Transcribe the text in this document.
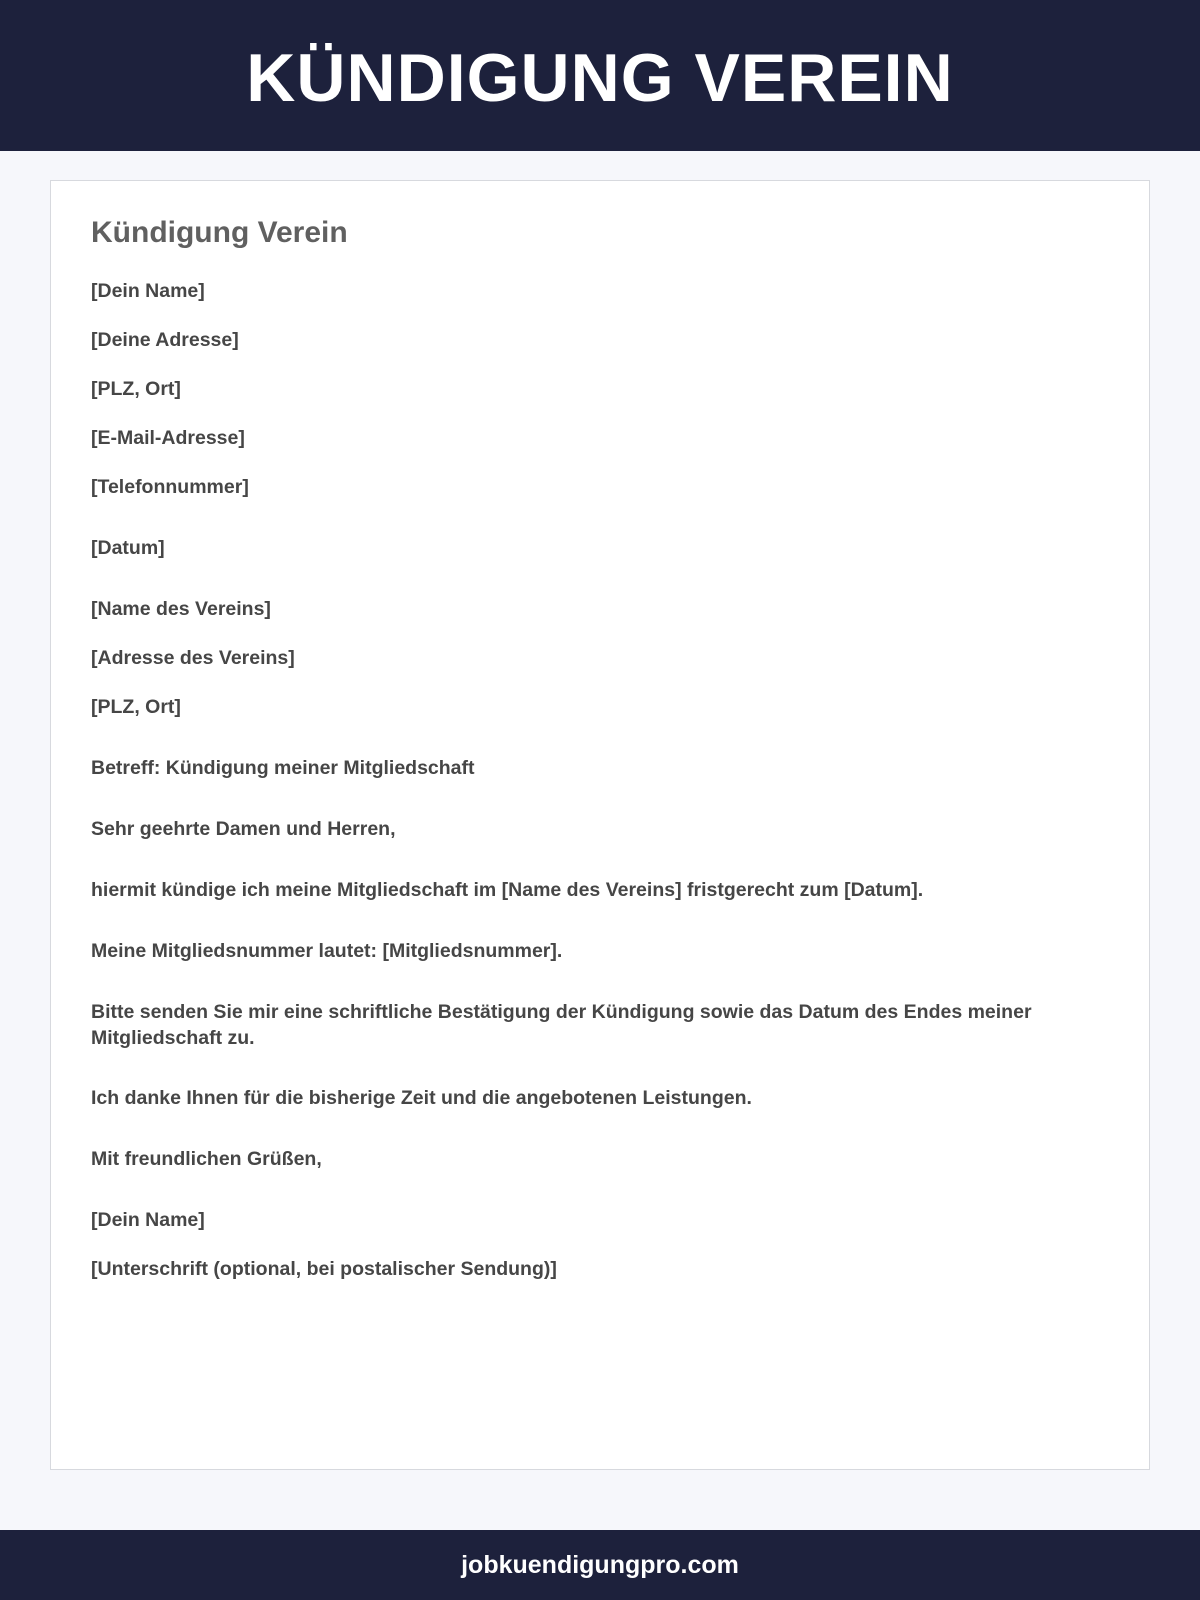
KÜNDIGUNG VEREIN
Kündigung Verein

[Dein Name]

[Deine Adresse]

[PLZ, Ort]

[E-Mail-Adresse]

[Telefonnummer]

[Datum]

[Name des Vereins]

[Adresse des Vereins]

[PLZ, Ort]

Betreff: Kündigung meiner Mitgliedschaft

Sehr geehrte Damen und Herren,

hiermit kündige ich meine Mitgliedschaft im [Name des Vereins] fristgerecht zum [Datum].

Meine Mitgliedsnummer lautet: [Mitgliedsnummer].

Bitte senden Sie mir eine schriftliche Bestätigung der Kündigung sowie das Datum des Endes meiner Mitgliedschaft zu.

Ich danke Ihnen für die bisherige Zeit und die angebotenen Leistungen.

Mit freundlichen Grüßen,

[Dein Name]

[Unterschrift (optional, bei postalischer Sendung)]

jobkuendigungpro.com
